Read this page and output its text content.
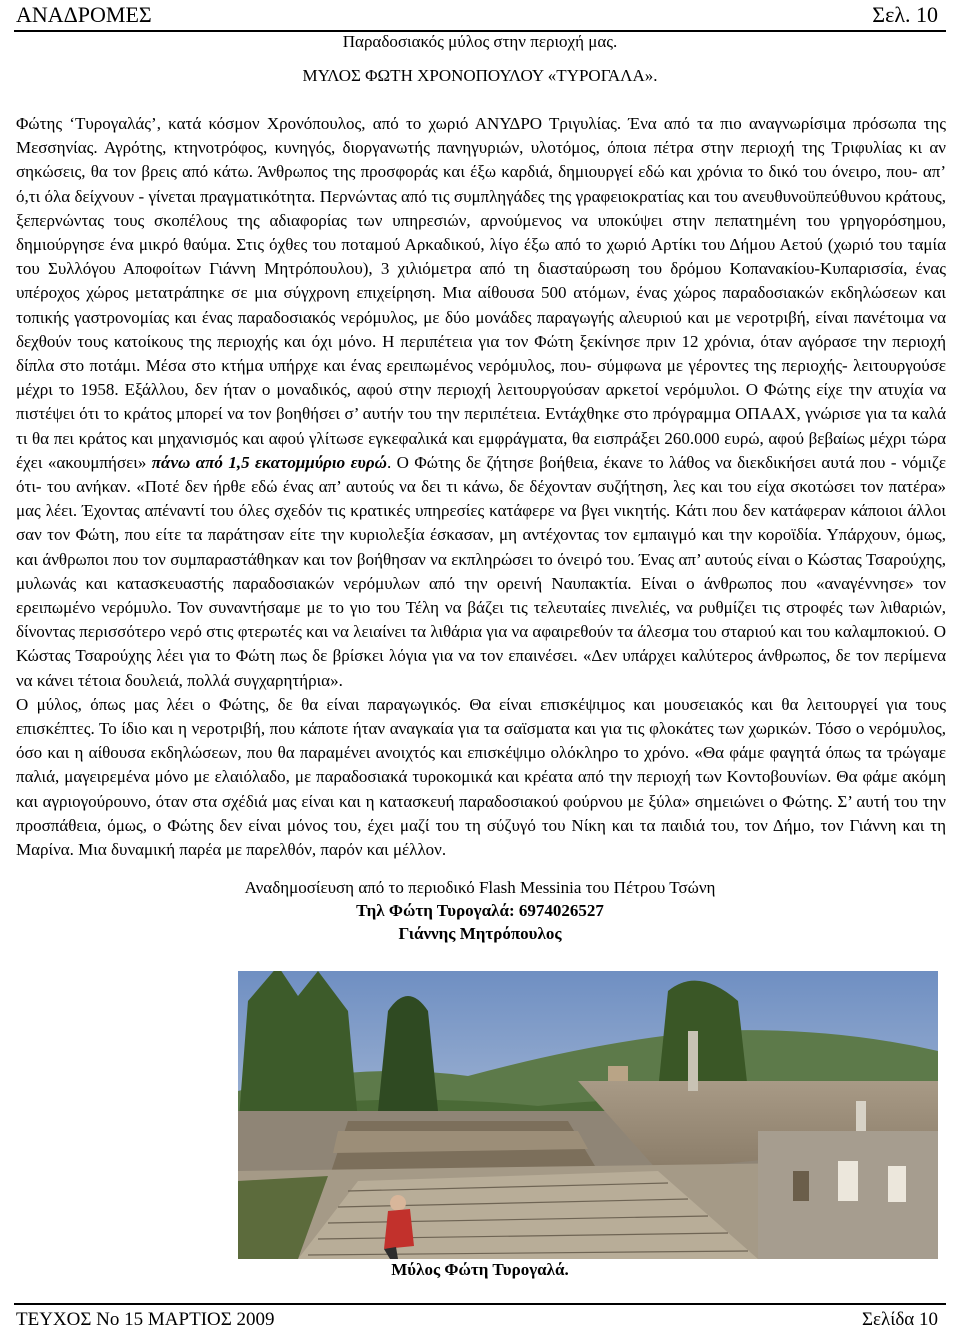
ΑΝΑΔΡΟΜΕΣ	Σελ. 10
Παραδοσιακός μύλος στην περιοχή μας.
ΜΥΛΟΣ ΦΩΤΗ ΧΡΟΝΟΠΟΥΛΟΥ «ΤΥΡΟΓΑΛΑ».

Φώτης ‘Τυρογαλάς’, κατά κόσμον Χρονόπουλος, από το χωριό ΑΝΥΔΡΟ Τριγυλίας. Ένα από τα πιο αναγνωρίσιμα πρόσωπα της Μεσσηνίας. Αγρότης, κτηνοτρόφος, κυνηγός, διοργανωτής πανηγυριών, υλοτόμος, όποια πέτρα στην περιοχή της Τριφυλίας κι αν σηκώσεις, θα τον βρεις από κάτω. Άνθρωπος της προσφοράς και έξω καρδιά, δημιουργεί εδώ και χρόνια το δικό του όνειρο, που- απ’ ό,τι όλα δείχνουν - γίνεται πραγματικότητα. Περνώντας από τις συμπληγάδες της γραφειοκρατίας και του ανευθυνοϋπεύθυνου κράτους, ξεπερνώντας τους σκοπέλους της αδιαφορίας των υπηρεσιών, αρνούμενος να υποκύψει στην πεπατημένη του γρηγορόσημου, δημιούργησε ένα μικρό θαύμα. Στις όχθες του ποταμού Αρκαδικού, λίγο έξω από το χωριό Αρτίκι του Δήμου Αετού (χωριό του ταμία του Συλλόγου Αποφοίτων Γιάννη Μητρόπουλου), 3 χιλιόμετρα από τη διασταύρωση του δρόμου Κοπανακίου-Κυπαρισσία, ένας υπέροχος χώρος μετατράπηκε σε μια σύγχρονη επιχείρηση. Μια αίθουσα 500 ατόμων, ένας χώρος παραδοσιακών εκδηλώσεων και τοπικής γαστρονομίας και ένας παραδοσιακός νερόμυλος, με δύο μονάδες παραγωγής αλευριού και με νεροτριβή, είναι πανέτοιμα να δεχθούν τους κατοίκους της περιοχής και όχι μόνο. Η περιπέτεια για τον Φώτη ξεκίνησε πριν 12 χρόνια, όταν αγόρασε την περιοχή δίπλα στο ποτάμι. Μέσα στο κτήμα υπήρχε και ένας ερειπωμένος νερόμυλος, που- σύμφωνα με γέροντες της περιοχής- λειτουργούσε μέχρι το 1958. Εξάλλου, δεν ήταν ο μοναδικός, αφού στην περιοχή λειτουργούσαν αρκετοί νερόμυλοι. Ο Φώτης είχε την ατυχία να πιστέψει ότι το κράτος μπορεί να τον βοηθήσει σ’ αυτήν του την περιπέτεια. Εντάχθηκε στο πρόγραμμα ΟΠΑΑΧ, γνώρισε για τα καλά τι θα πει κράτος και μηχανισμός και αφού γλίτωσε εγκεφαλικά και εμφράγματα, θα εισπράξει 260.000 ευρώ, αφού βεβαίως μέχρι τώρα έχει «ακουμπήσει» πάνω από 1,5 εκατομμύριο ευρώ. Ο Φώτης δε ζήτησε βοήθεια, έκανε το λάθος να διεκδικήσει αυτά που - νόμιζε ότι- του ανήκαν. «Ποτέ δεν ήρθε εδώ ένας απ’ αυτούς να δει τι κάνω, δε δέχονταν συζήτηση, λες και του είχα σκοτώσει τον πατέρα» μας λέει. Έχοντας απέναντί του όλες σχεδόν τις κρατικές υπηρεσίες κατάφερε να βγει νικητής. Κάτι που δεν κατάφεραν κάποιοι άλλοι σαν τον Φώτη, που είτε τα παράτησαν είτε την κυριολεξία έσκασαν, μη αντέχοντας τον εμπαιγμό και την κοροϊδία. Υπάρχουν, όμως, και άνθρωποι που τον συμπαραστάθηκαν και τον βοήθησαν να εκπληρώσει το όνειρό του. Ένας απ’ αυτούς είναι ο Κώστας Τσαρούχης, μυλωνάς και κατασκευαστής παραδοσιακών νερόμυλων από την ορεινή Ναυπακτία. Είναι ο άνθρωπος που «αναγέννησε» τον ερειπωμένο νερόμυλο. Τον συναντήσαμε με το γιο του Τέλη να βάζει τις τελευταίες πινελιές, να ρυθμίζει τις στροφές των λιθαριών, δίνοντας περισσότερο νερό στις φτερωτές και να λειαίνει τα λιθάρια για να αφαιρεθούν τα άλεσμα του σταριού και του καλαμποκιού. Ο Κώστας Τσαρούχης λέει για το Φώτη πως δε βρίσκει λόγια για να τον επαινέσει. «Δεν υπάρχει καλύτερος άνθρωπος, δε τον περίμενα να κάνει τέτοια δουλειά, πολλά συγχαρητήρια».
Ο μύλος, όπως μας λέει ο Φώτης, δε θα είναι παραγωγικός. Θα είναι επισκέψιμος και μουσειακός και θα λειτουργεί για τους επισκέπτες. Το ίδιο και η νεροτριβή, που κάποτε ήταν αναγκαία για τα σαϊσματα και για τις φλοκάτες των χωρικών. Τόσο ο νερόμυλος, όσο και η αίθουσα εκδηλώσεων, που θα παραμένει ανοιχτός και επισκέψιμο ολόκληρο το χρόνο. «Θα φάμε φαγητά όπως τα τρώγαμε παλιά, μαγειρεμένα μόνο με ελαιόλαδο, με παραδοσιακά τυροκομικά και κρέατα από την περιοχή των Κοντοβουνίων. Θα φάμε ακόμη και αγριογούρουνο, όταν στα σχέδιά μας είναι και η κατασκευή παραδοσιακού φούρνου με ξύλα» σημειώνει ο Φώτης. Σ’ αυτή του την προσπάθεια, όμως, ο Φώτης δεν είναι μόνος του, έχει μαζί του τη σύζυγό του Νίκη και τα παιδιά του, τον Δήμο, τον Γιάννη και τη Μαρίνα. Μια δυναμική παρέα με παρελθόν, παρόν και μέλλον.

Αναδημοσίευση από το περιοδικό Flash Messinia του Πέτρου Τσώνη
Τηλ Φώτη Τυρογαλά: 6974026527
Γιάννης Μητρόπουλος
Μύλος Φώτη Τυρογαλά.
ΤΕΥΧΟΣ No 15 ΜΑΡΤΙΟΣ 2009	Σελίδα 10
